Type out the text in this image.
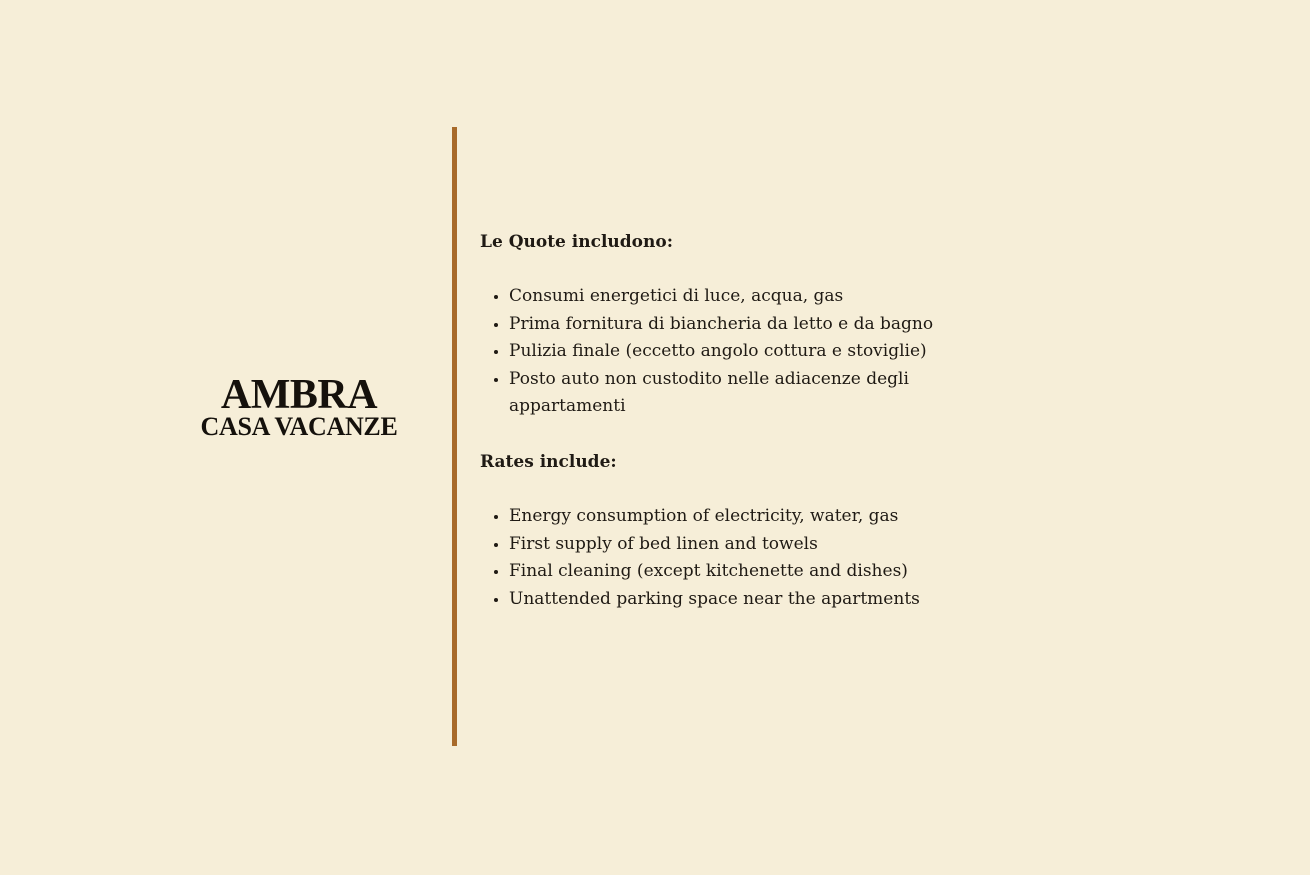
AMBRA
CASA VACANZE

Le Quote includono:

• Consumi energetici di luce, acqua, gas
• Prima fornitura di biancheria da letto e da bagno
• Pulizia finale (eccetto angolo cottura e stoviglie)
• Posto auto non custodito nelle adiacenze degli appartamenti

Rates include:

• Energy consumption of electricity, water, gas
• First supply of bed linen and towels
• Final cleaning (except kitchenette and dishes)
• Unattended parking space near the apartments
